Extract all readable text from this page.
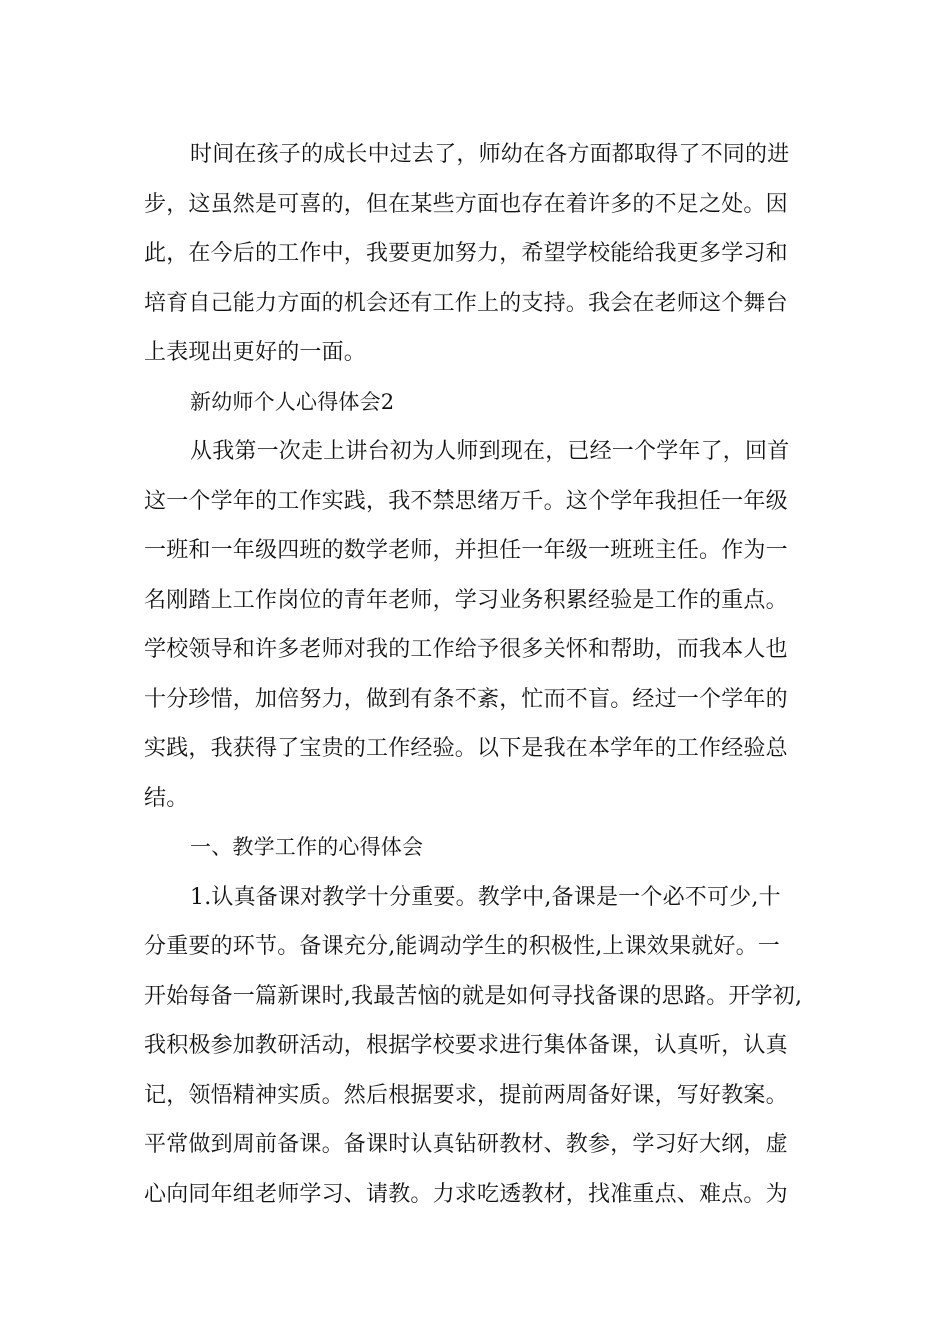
时间在孩子的成长中过去了，师幼在各方面都取得了不同的进
步，这虽然是可喜的，但在某些方面也存在着许多的不足之处。因
此，在今后的工作中，我要更加努力，希望学校能给我更多学习和
培育自己能力方面的机会还有工作上的支持。我会在老师这个舞台
上表现出更好的一面。
新幼师个人心得体会2
从我第一次走上讲台初为人师到现在，已经一个学年了，回首
这一个学年的工作实践，我不禁思绪万千。这个学年我担任一年级
一班和一年级四班的数学老师，并担任一年级一班班主任。作为一
名刚踏上工作岗位的青年老师，学习业务积累经验是工作的重点。
学校领导和许多老师对我的工作给予很多关怀和帮助，而我本人也
十分珍惜，加倍努力，做到有条不紊，忙而不盲。经过一个学年的
实践，我获得了宝贵的工作经验。以下是我在本学年的工作经验总
结。
一、教学工作的心得体会
1.认真备课对教学十分重要。教学中,备课是一个必不可少,十
分重要的环节。备课充分,能调动学生的积极性,上课效果就好。一
开始每备一篇新课时,我最苦恼的就是如何寻找备课的思路。开学初,
我积极参加教研活动，根据学校要求进行集体备课，认真听，认真
记，领悟精神实质。然后根据要求，提前两周备好课，写好教案。
平常做到周前备课。备课时认真钻研教材、教参，学习好大纲，虚
心向同年组老师学习、请教。力求吃透教材，找准重点、难点。为
